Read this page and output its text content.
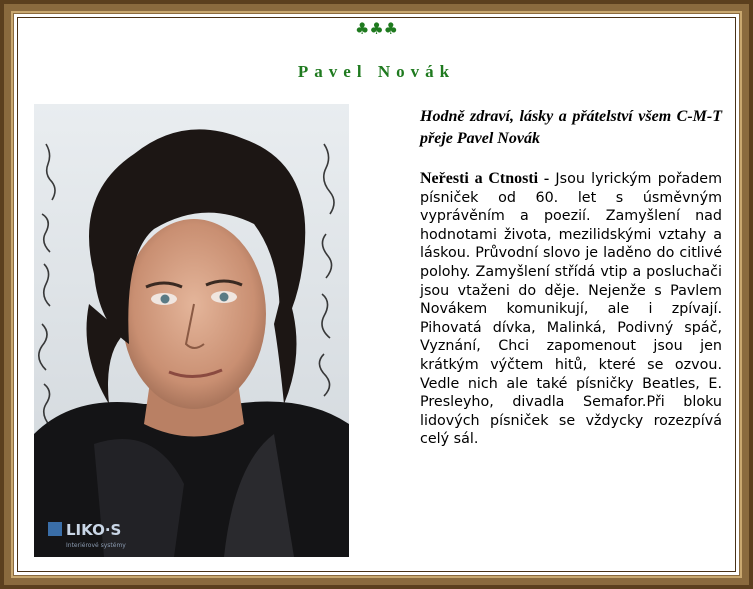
♣♣♣
Pavel Novák
LIKO·S
Interiérové systémy

Hodně zdraví, lásky a přátelství všem C-M-T přeje Pavel Novák

Neřesti a Ctnosti - Jsou lyrickým pořadem písniček od 60. let s úsměvným vyprávěním a poezií. Zamyšlení nad hodnotami života, mezilidskými vztahy a láskou. Průvodní slovo je laděno do citlivé polohy. Zamyšlení střídá vtip a posluchači jsou vtaženi do děje. Nejenže s Pavlem Novákem komunikují, ale i zpívají. Pihovatá dívka, Malinká, Podivný spáč, Vyznání, Chci zapomenout jsou jen krátkým výčtem hitů, které se ozvou. Vedle nich ale také písničky Beatles, E. Presleyho, divadla Semafor.Při bloku lidových písniček se vždycky rozezpívá celý sál.
